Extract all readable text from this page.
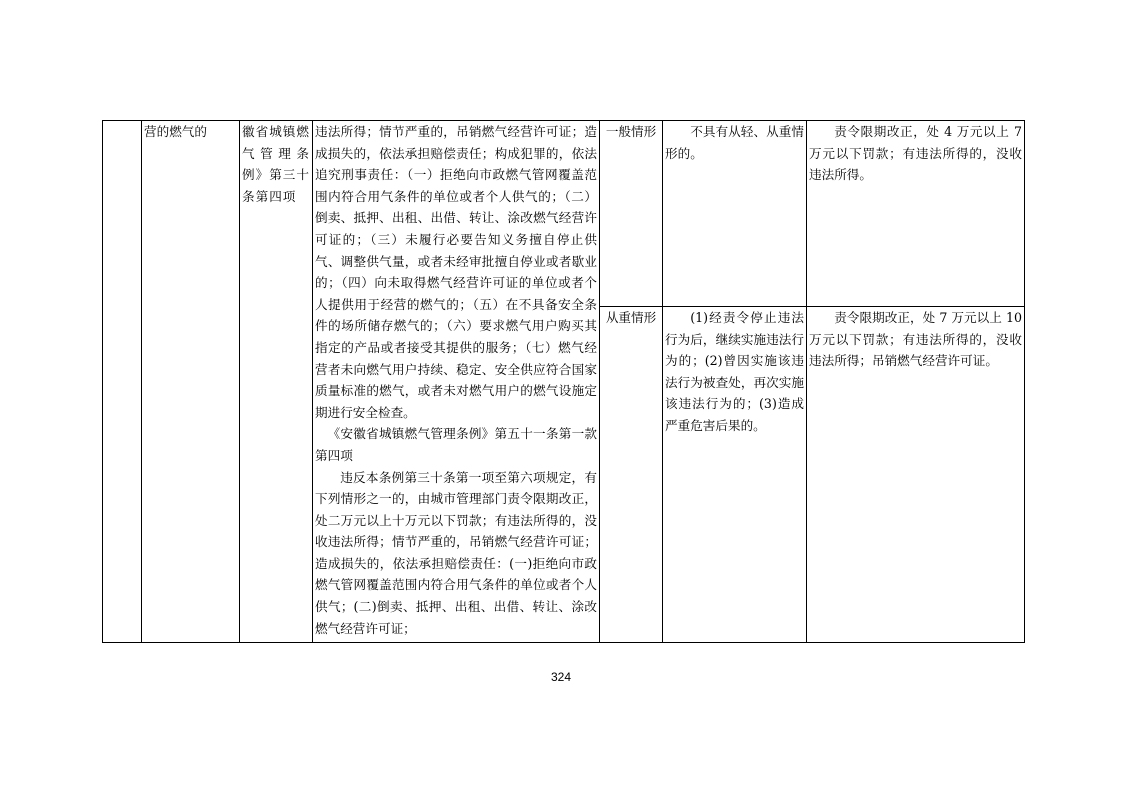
	营的燃气的	徽省城镇燃气管理条例》第三十条第四项	违法所得；情节严重的，吊销燃气经营许可证；造成损失的，依法承担赔偿责任；构成犯罪的，依法追究刑事责任：（一）拒绝向市政燃气管网覆盖范围内符合用气条件的单位或者个人供气的；（二）倒卖、抵押、出租、出借、转让、涂改燃气经营许可证的；（三）未履行必要告知义务擅自停止供气、调整供气量，或者未经审批擅自停业或者歇业的；（四）向未取得燃气经营许可证的单位或者个人提供用于经营的燃气的；（五）在不具备安全条件的场所储存燃气的；（六）要求燃气用户购买其指定的产品或者接受其提供的服务；（七）燃气经营者未向燃气用户持续、稳定、安全供应符合国家质量标准的燃气，或者未对燃气用户的燃气设施定期进行安全检查。
《安徽省城镇燃气管理条例》第五十一条第一款第四项
违反本条例第三十条第一项至第六项规定，有下列情形之一的，由城市管理部门责令限期改正，处二万元以上十万元以下罚款；有违法所得的，没收违法所得；情节严重的，吊销燃气经营许可证；造成损失的，依法承担赔偿责任：(一)拒绝向市政燃气管网覆盖范围内符合用气条件的单位或者个人供气；(二)倒卖、抵押、出租、出借、转让、涂改燃气经营许可证；	一般情形	不具有从轻、从重情形的。	责令限期改正，处 4 万元以上 7 万元以下罚款；有违法所得的，没收违法所得。

				从重情形	(1)经责令停止违法行为后，继续实施违法行为的；(2)曾因实施该违法行为被查处，再次实施该违法行为的；(3)造成严重危害后果的。	责令限期改正，处 7 万元以上 10 万元以下罚款；有违法所得的，没收违法所得；吊销燃气经营许可证。
324
